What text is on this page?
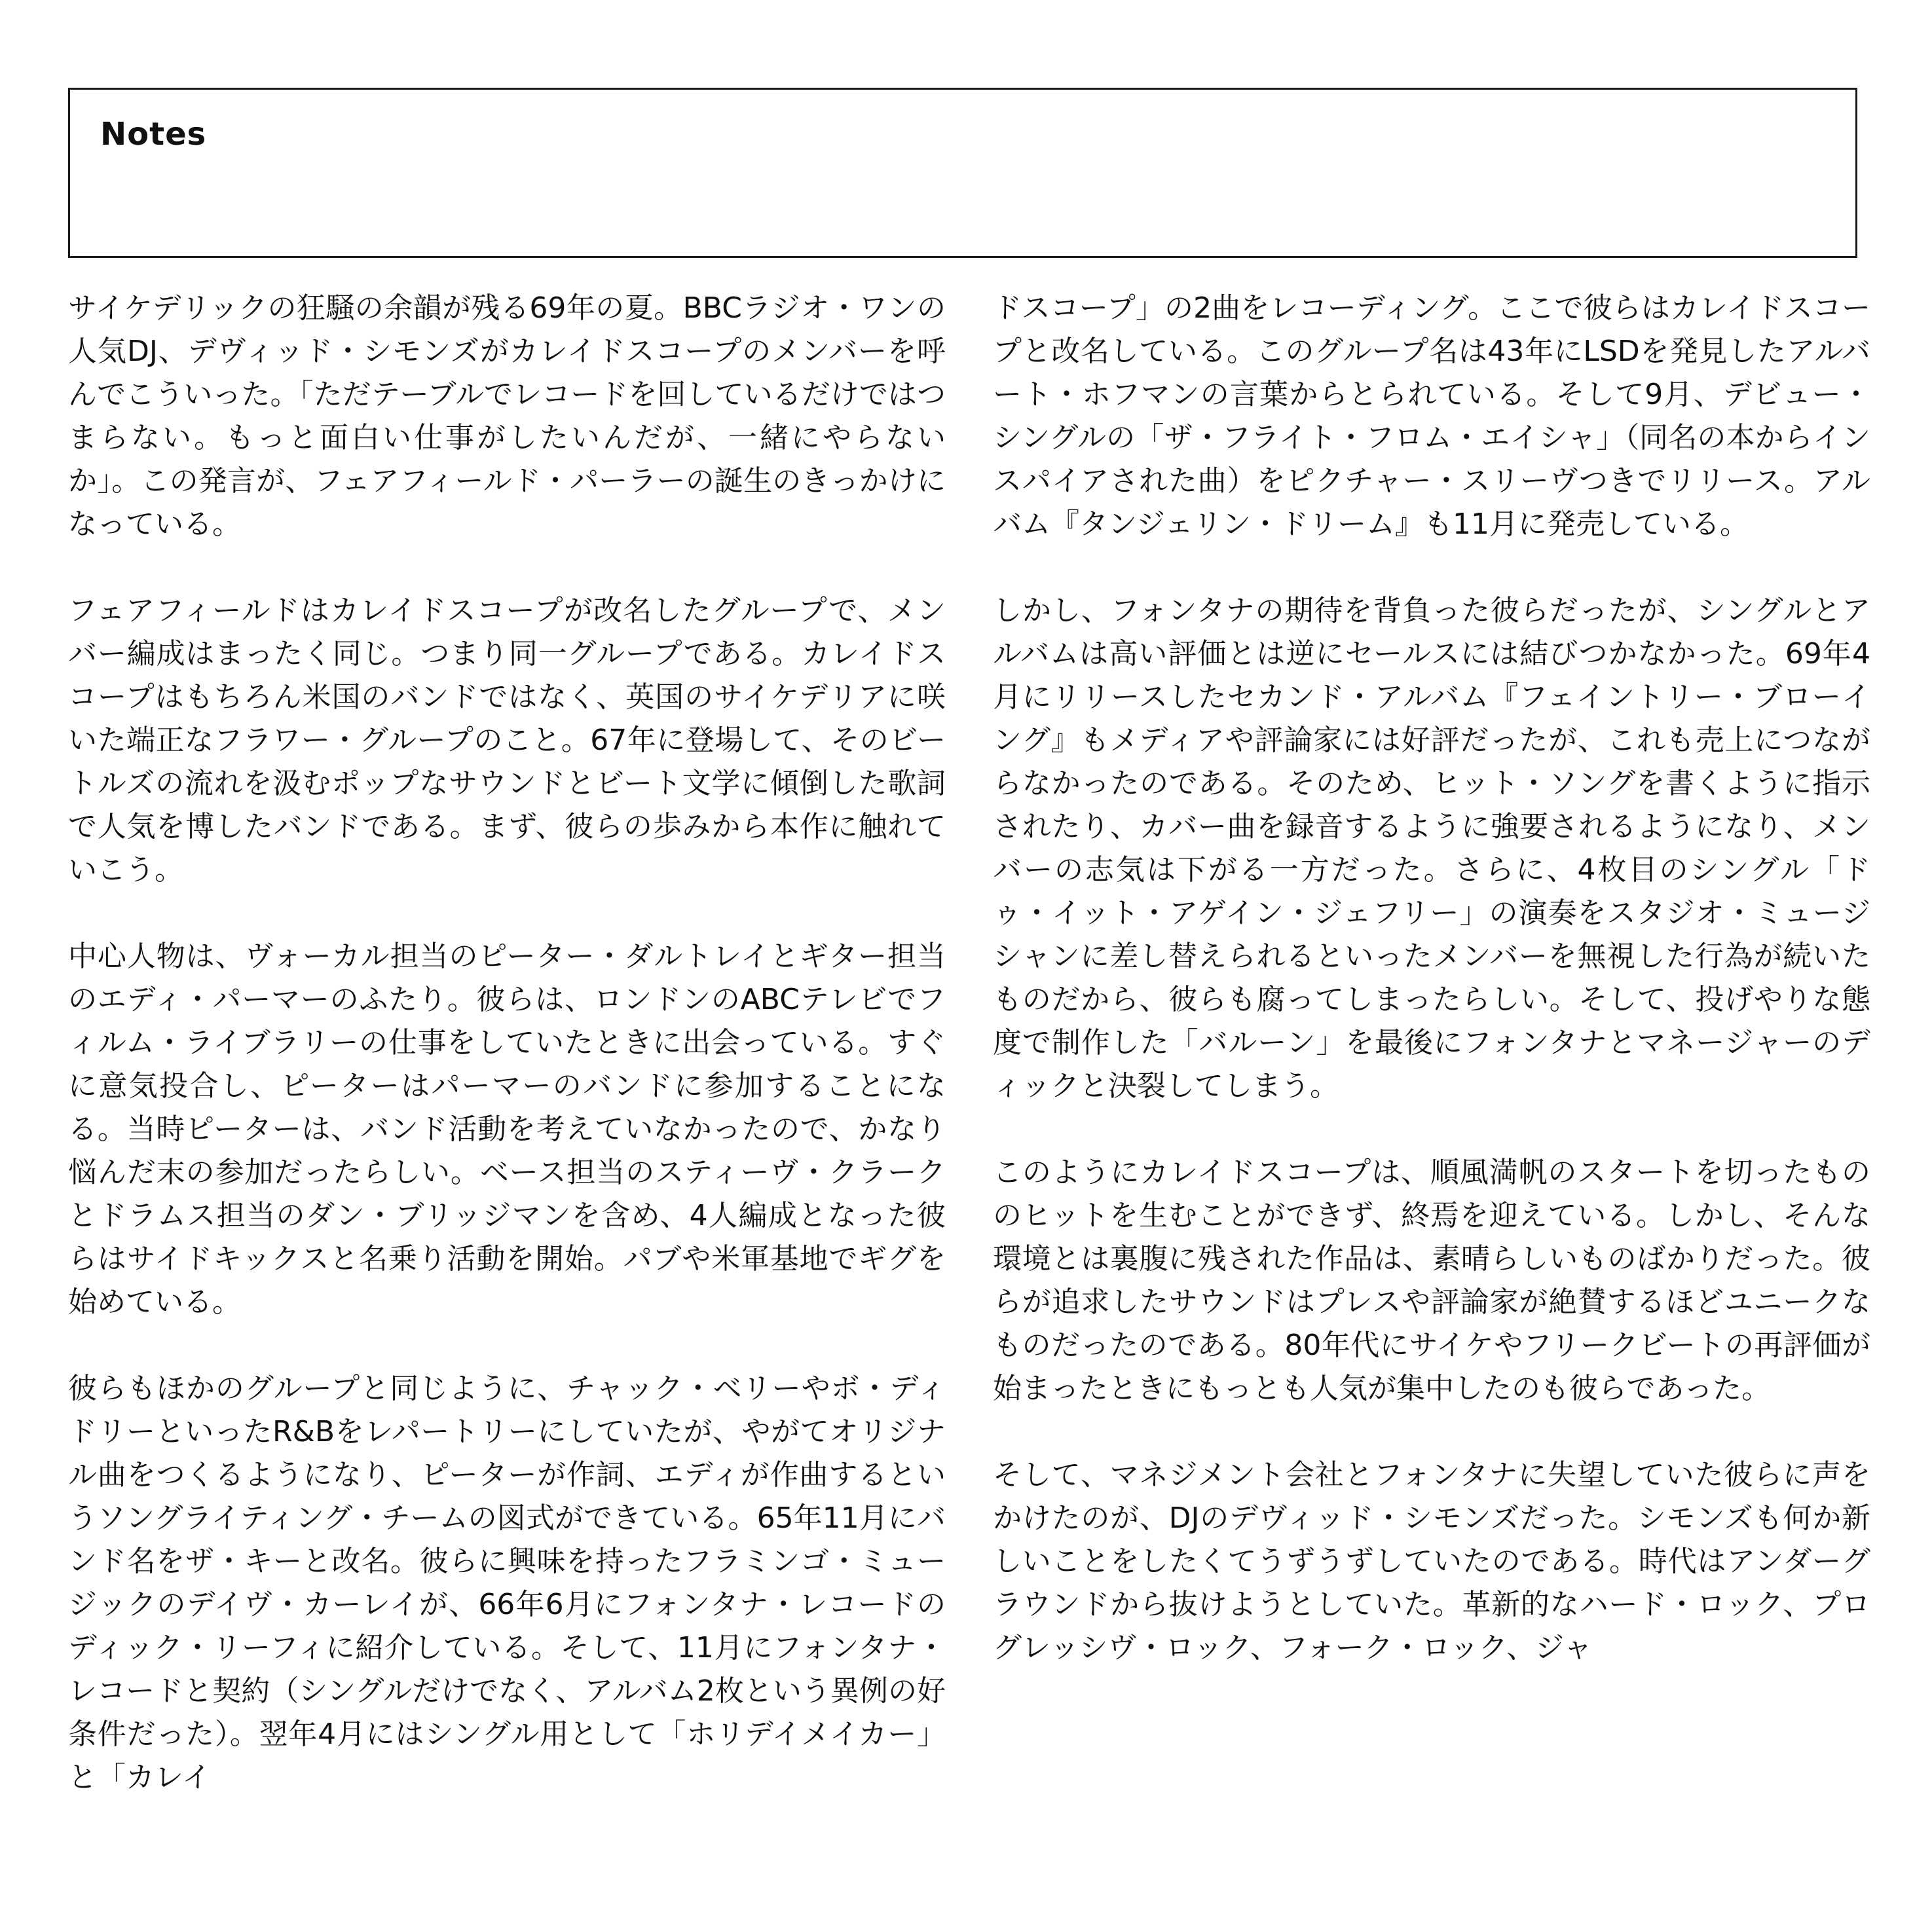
Notes

サイケデリックの狂騒の余韻が残る69年の夏。BBCラジオ・ワンの人気DJ、デヴィッド・シモンズがカレイドスコープのメンバーを呼んでこういった。「ただテーブルでレコードを回しているだけではつまらない。もっと面白い仕事がしたいんだが、一緒にやらないか」。この発言が、フェアフィールド・パーラーの誕生のきっかけになっている。

フェアフィールドはカレイドスコープが改名したグループで、メンバー編成はまったく同じ。つまり同一グループである。カレイドスコープはもちろん米国のバンドではなく、英国のサイケデリアに咲いた端正なフラワー・グループのこと。67年に登場して、そのビートルズの流れを汲むポップなサウンドとビート文学に傾倒した歌詞で人気を博したバンドである。まず、彼らの歩みから本作に触れていこう。

中心人物は、ヴォーカル担当のピーター・ダルトレイとギター担当のエディ・パーマーのふたり。彼らは、ロンドンのABCテレビでフィルム・ライブラリーの仕事をしていたときに出会っている。すぐに意気投合し、ピーターはパーマーのバンドに参加することになる。当時ピーターは、バンド活動を考えていなかったので、かなり悩んだ末の参加だったらしい。ベース担当のスティーヴ・クラークとドラムス担当のダン・ブリッジマンを含め、4人編成となった彼らはサイドキックスと名乗り活動を開始。パブや米軍基地でギグを始めている。

彼らもほかのグループと同じように、チャック・ベリーやボ・ディドリーといったR&Bをレパートリーにしていたが、やがてオリジナル曲をつくるようになり、ピーターが作詞、エディが作曲するというソングライティング・チームの図式ができている。65年11月にバンド名をザ・キーと改名。彼らに興味を持ったフラミンゴ・ミュージックのデイヴ・カーレイが、66年6月にフォンタナ・レコードのディック・リーフィに紹介している。そして、11月にフォンタナ・レコードと契約（シングルだけでなく、アルバム2枚という異例の好条件だった）。翌年4月にはシングル用として「ホリデイメイカー」と「カレイ

ドスコープ」の2曲をレコーディング。ここで彼らはカレイドスコープと改名している。このグループ名は43年にLSDを発見したアルバート・ホフマンの言葉からとられている。そして9月、デビュー・シングルの「ザ・フライト・フロム・エイシャ」（同名の本からインスパイアされた曲）をピクチャー・スリーヴつきでリリース。アルバム『タンジェリン・ドリーム』も11月に発売している。

しかし、フォンタナの期待を背負った彼らだったが、シングルとアルバムは高い評価とは逆にセールスには結びつかなかった。69年4月にリリースしたセカンド・アルバム『フェイントリー・ブローイング』もメディアや評論家には好評だったが、これも売上につながらなかったのである。そのため、ヒット・ソングを書くように指示されたり、カバー曲を録音するように強要されるようになり、メンバーの志気は下がる一方だった。さらに、4枚目のシングル「ドゥ・イット・アゲイン・ジェフリー」の演奏をスタジオ・ミュージシャンに差し替えられるといったメンバーを無視した行為が続いたものだから、彼らも腐ってしまったらしい。そして、投げやりな態度で制作した「バルーン」を最後にフォンタナとマネージャーのディックと決裂してしまう。

このようにカレイドスコープは、順風満帆のスタートを切ったもののヒットを生むことができず、終焉を迎えている。しかし、そんな環境とは裏腹に残された作品は、素晴らしいものばかりだった。彼らが追求したサウンドはプレスや評論家が絶賛するほどユニークなものだったのである。80年代にサイケやフリークビートの再評価が始まったときにもっとも人気が集中したのも彼らであった。

そして、マネジメント会社とフォンタナに失望していた彼らに声をかけたのが、DJのデヴィッド・シモンズだった。シモンズも何か新しいことをしたくてうずうずしていたのである。時代はアンダーグラウンドから抜けようとしていた。革新的なハード・ロック、プログレッシヴ・ロック、フォーク・ロック、ジャ
